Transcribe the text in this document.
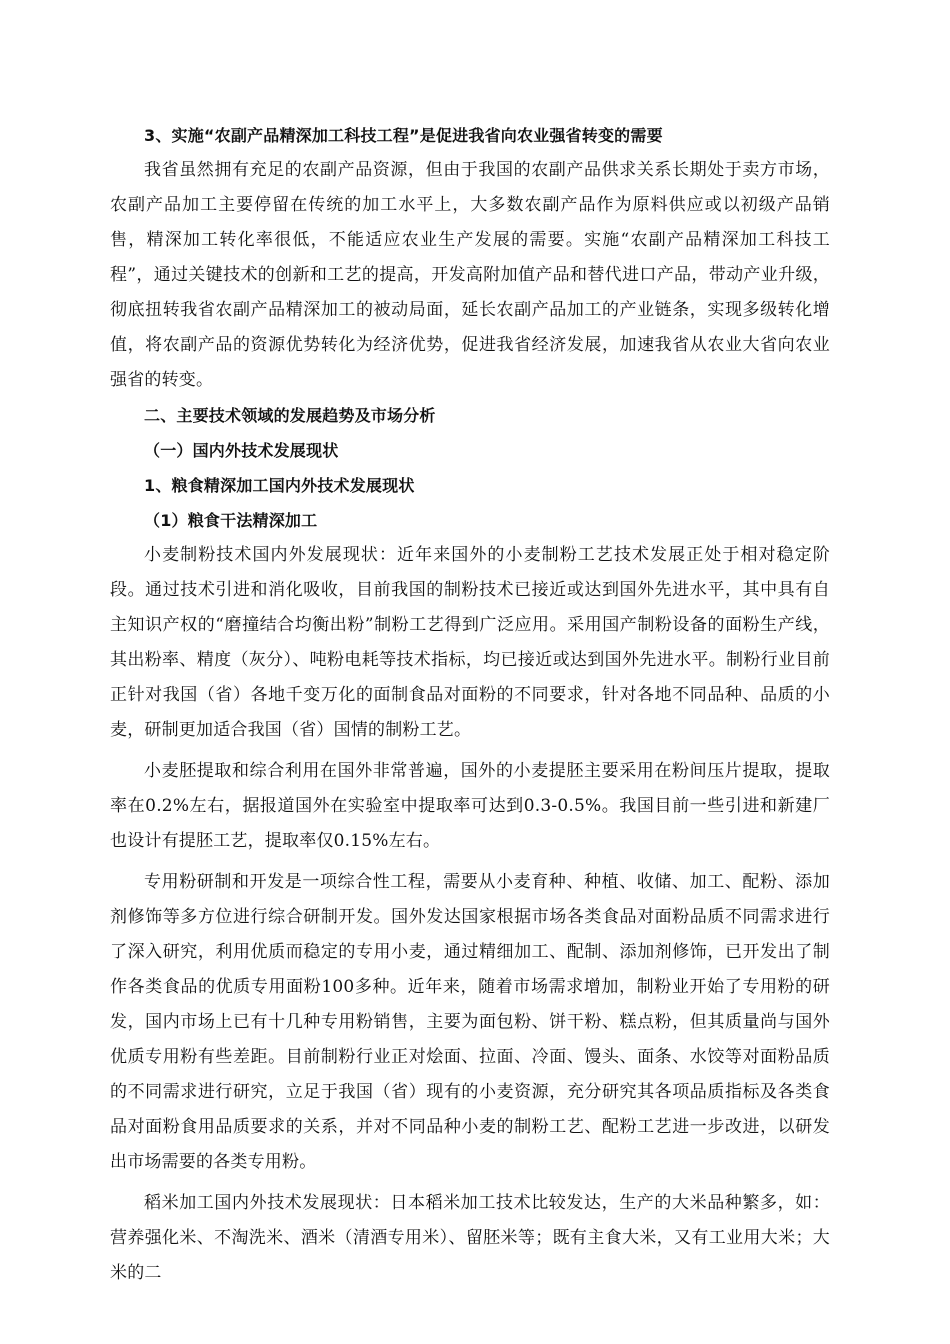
3、实施“农副产品精深加工科技工程”是促进我省向农业强省转变的需要

我省虽然拥有充足的农副产品资源，但由于我国的农副产品供求关系长期处于卖方市场，农副产品加工主要停留在传统的加工水平上，大多数农副产品作为原料供应或以初级产品销售，精深加工转化率很低，不能适应农业生产发展的需要。实施“农副产品精深加工科技工程”，通过关键技术的创新和工艺的提高，开发高附加值产品和替代进口产品，带动产业升级，彻底扭转我省农副产品精深加工的被动局面，延长农副产品加工的产业链条，实现多级转化增值，将农副产品的资源优势转化为经济优势，促进我省经济发展，加速我省从农业大省向农业强省的转变。

二、主要技术领域的发展趋势及市场分析

（一）国内外技术发展现状

1、粮食精深加工国内外技术发展现状

（1）粮食干法精深加工

小麦制粉技术国内外发展现状：近年来国外的小麦制粉工艺技术发展正处于相对稳定阶段。通过技术引进和消化吸收，目前我国的制粉技术已接近或达到国外先进水平，其中具有自主知识产权的“磨撞结合均衡出粉”制粉工艺得到广泛应用。采用国产制粉设备的面粉生产线，其出粉率、精度（灰分）、吨粉电耗等技术指标，均已接近或达到国外先进水平。制粉行业目前正针对我国（省）各地千变万化的面制食品对面粉的不同要求，针对各地不同品种、品质的小麦，研制更加适合我国（省）国情的制粉工艺。

小麦胚提取和综合利用在国外非常普遍，国外的小麦提胚主要采用在粉间压片提取，提取率在0.2%左右，据报道国外在实验室中提取率可达到0.3-0.5%。我国目前一些引进和新建厂也设计有提胚工艺，提取率仅0.15%左右。

专用粉研制和开发是一项综合性工程，需要从小麦育种、种植、收储、加工、配粉、添加剂修饰等多方位进行综合研制开发。国外发达国家根据市场各类食品对面粉品质不同需求进行了深入研究，利用优质而稳定的专用小麦，通过精细加工、配制、添加剂修饰，已开发出了制作各类食品的优质专用面粉100多种。近年来，随着市场需求增加，制粉业开始了专用粉的研发，国内市场上已有十几种专用粉销售，主要为面包粉、饼干粉、糕点粉，但其质量尚与国外优质专用粉有些差距。目前制粉行业正对烩面、拉面、冷面、馒头、面条、水饺等对面粉品质的不同需求进行研究，立足于我国（省）现有的小麦资源，充分研究其各项品质指标及各类食品对面粉食用品质要求的关系，并对不同品种小麦的制粉工艺、配粉工艺进一步改进，以研发出市场需要的各类专用粉。

稻米加工国内外技术发展现状：日本稻米加工技术比较发达，生产的大米品种繁多，如：营养强化米、不淘洗米、酒米（清酒专用米）、留胚米等；既有主食大米，又有工业用大米；大米的二
